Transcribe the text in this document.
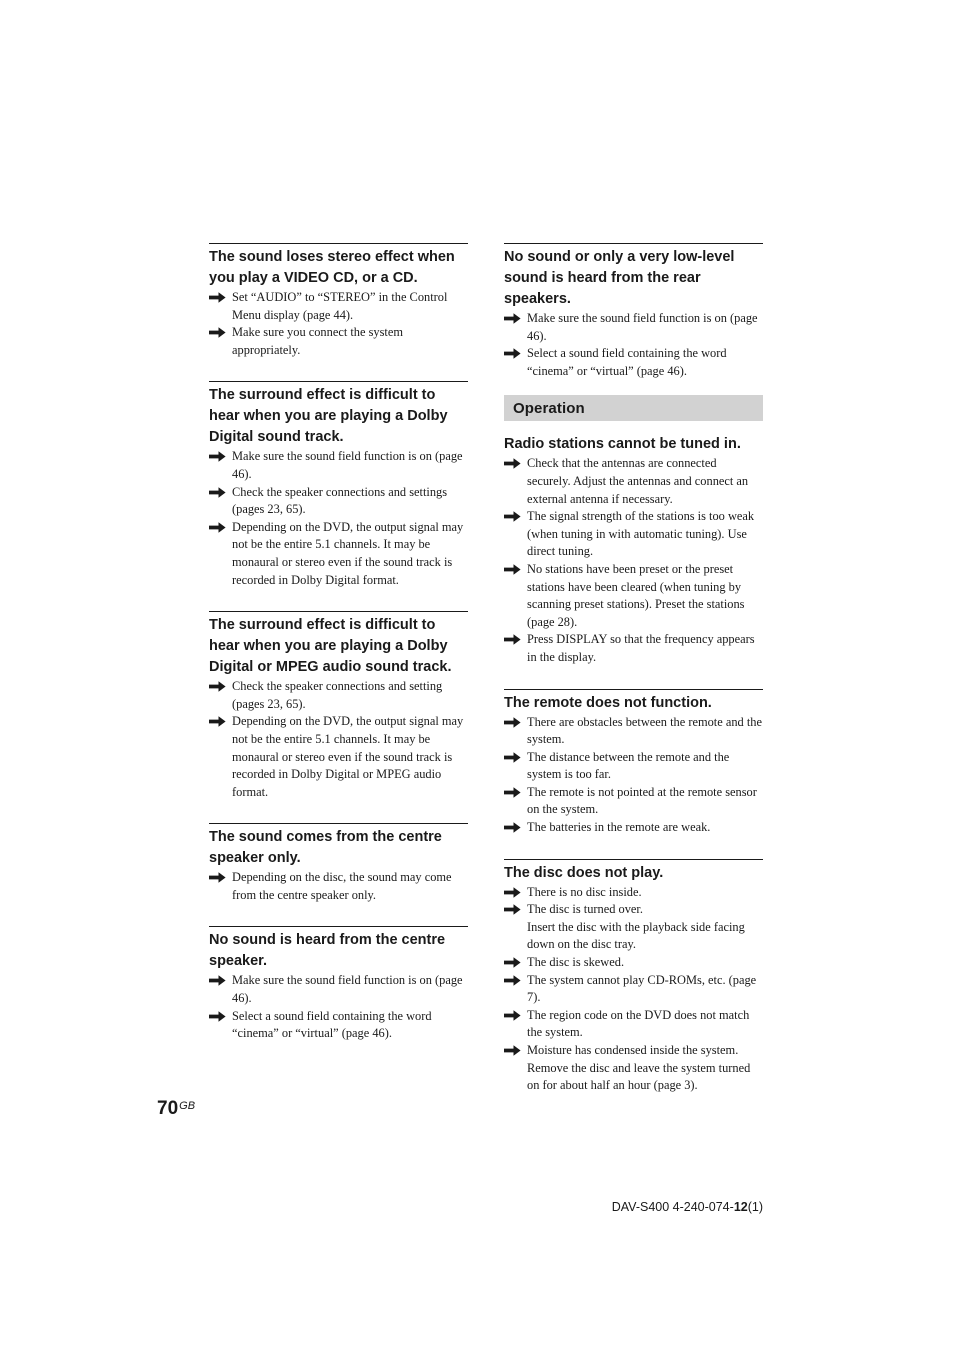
The sound loses stereo effect when you play a VIDEO CD, or a CD.
Set “AUDIO” to “STEREO” in the Control Menu display (page 44).
Make sure you connect the system appropriately.
The surround effect is difficult to hear when you are playing a Dolby Digital sound track.
Make sure the sound field function is on (page 46).
Check the speaker connections and settings (pages 23, 65).
Depending on the DVD, the output signal may not be the entire 5.1 channels. It may be monaural or stereo even if the sound track is recorded in Dolby Digital format.
The surround effect is difficult to hear when you are playing a Dolby Digital or MPEG audio sound track.
Check the speaker connections and setting (pages 23, 65).
Depending on the DVD, the output signal may not be the entire 5.1 channels. It may be monaural or stereo even if the sound track is recorded in Dolby Digital or MPEG audio format.
The sound comes from the centre speaker only.
Depending on the disc, the sound may come from the centre speaker only.
No sound is heard from the centre speaker.
Make sure the sound field function is on (page 46).
Select a sound field containing the word “cinema” or “virtual” (page 46).
No sound or only a very low-level sound is heard from the rear speakers.
Make sure the sound field function is on (page 46).
Select a sound field containing the word “cinema” or “virtual” (page 46).
Operation
Radio stations cannot be tuned in.
Check that the antennas are connected securely. Adjust the antennas and connect an external antenna if necessary.
The signal strength of the stations is too weak (when tuning in with automatic tuning). Use direct tuning.
No stations have been preset or the preset stations have been cleared (when tuning by scanning preset stations). Preset the stations (page 28).
Press DISPLAY so that the frequency appears in the display.
The remote does not function.
There are obstacles between the remote and the system.
The distance between the remote and the system is too far.
The remote is not pointed at the remote sensor on the system.
The batteries in the remote are weak.
The disc does not play.
There is no disc inside.
The disc is turned over.
Insert the disc with the playback side facing down on the disc tray.
The disc is skewed.
The system cannot play CD-ROMs, etc. (page 7).
The region code on the DVD does not match the system.
Moisture has condensed inside the system. Remove the disc and leave the system turned on for about half an hour (page 3).
$70^{GB}$
DAV-S400 4-240-074-12(1)
